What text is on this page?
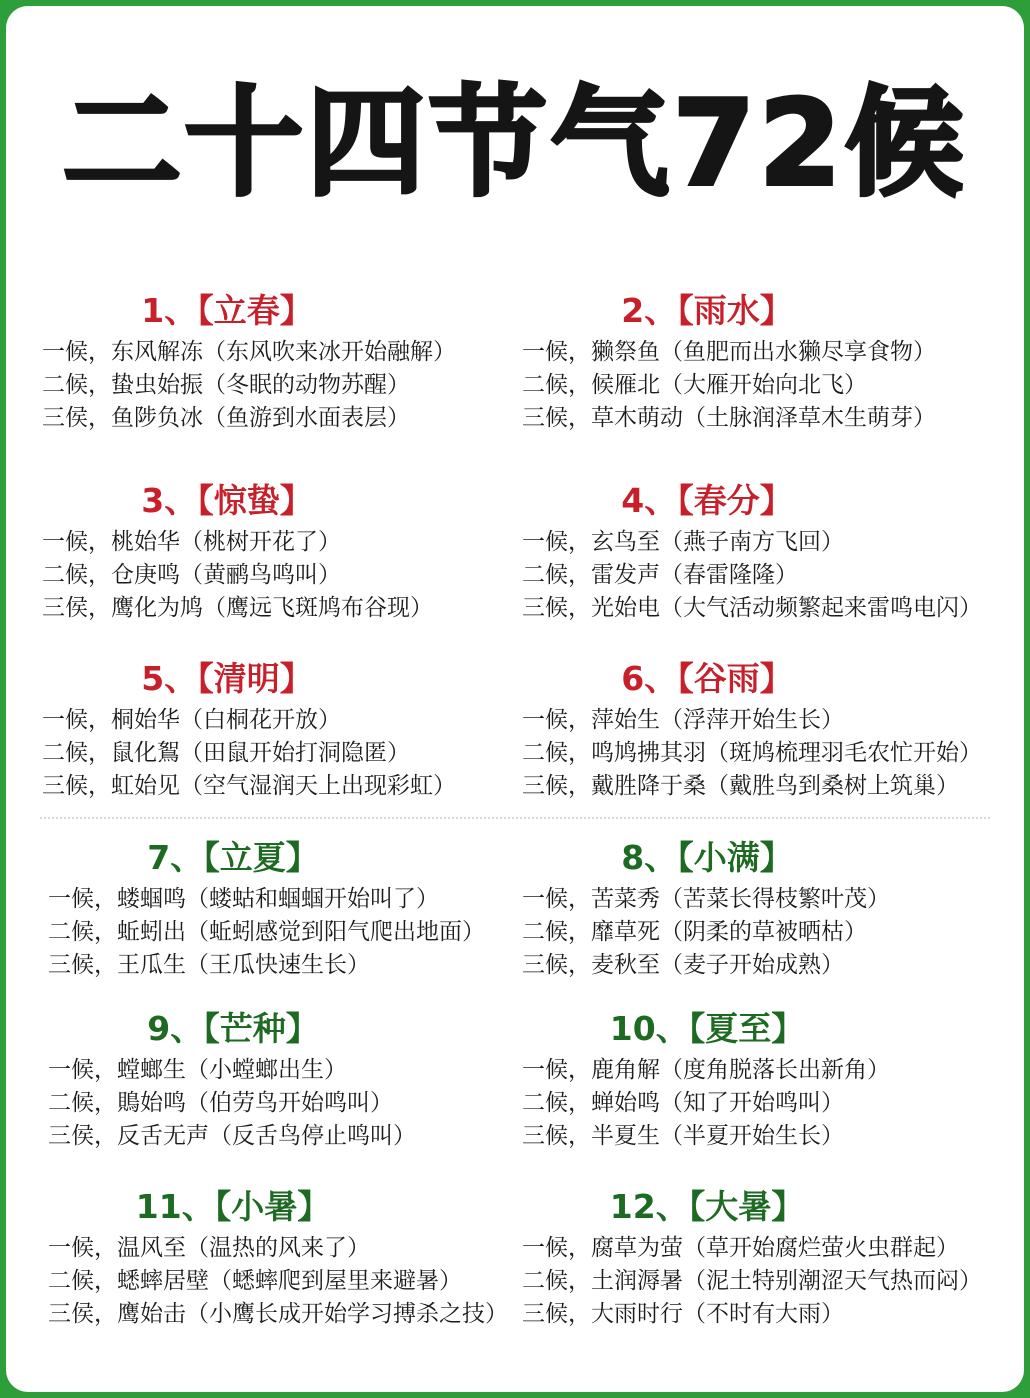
二十四节气72候
1、【立春】
一候，东风解冻（东风吹来冰开始融解）
二候，蛰虫始振（冬眠的动物苏醒）
三侯，鱼陟负冰（鱼游到水面表层）
2、【雨水】
一候，獭祭鱼（鱼肥而出水獭尽享食物）
二候，候雁北（大雁开始向北飞）
三候，草木萌动（土脉润泽草木生萌芽）
3、【惊蛰】
一候，桃始华（桃树开花了）
二候，仓庚鸣（黄鹂鸟鸣叫）
三侯，鹰化为鸠（鹰远飞斑鸠布谷现）
4、【春分】
一候，玄鸟至（燕子南方飞回）
二候，雷发声（春雷隆隆）
三候，光始电（大气活动频繁起来雷鸣电闪）
5、【清明】
一候，桐始华（白桐花开放）
二候，鼠化鴽（田鼠开始打洞隐匿）
三候，虹始见（空气湿润天上出现彩虹）
6、【谷雨】
一候，萍始生（浮萍开始生长）
二候，鸣鸠拂其羽（斑鸠梳理羽毛农忙开始）
三候，戴胜降于桑（戴胜鸟到桑树上筑巢）
7、【立夏】
一候，蝼蝈鸣（蝼蛄和蝈蝈开始叫了）
二候，蚯蚓出（蚯蚓感觉到阳气爬出地面）
三候，王瓜生（王瓜快速生长）
8、【小满】
一候，苦菜秀（苦菜长得枝繁叶茂）
二候，靡草死（阴柔的草被晒枯）
三候，麦秋至（麦子开始成熟）
9、【芒种】
一候，螳螂生（小螳螂出生）
二候，鵙始鸣（伯劳鸟开始鸣叫）
三侯，反舌无声（反舌鸟停止鸣叫）
10、【夏至】
一候，鹿角解（度角脱落长出新角）
二候，蝉始鸣（知了开始鸣叫）
三候，半夏生（半夏开始生长）
11、【小暑】
一候，温风至（温热的风来了）
二候，蟋蟀居壁（蟋蟀爬到屋里来避暑）
三侯，鹰始击（小鹰长成开始学习搏杀之技）
12、【大暑】
一候，腐草为萤（草开始腐烂萤火虫群起）
二候，土润溽暑（泥土特别潮涩天气热而闷）
三候，大雨时行（不时有大雨）
